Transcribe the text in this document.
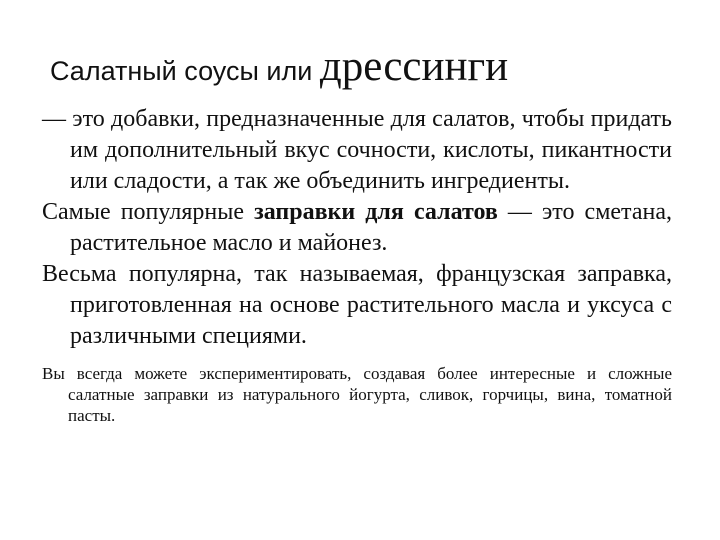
Салатный соусы или дрессинги

— это добавки, предназначенные для салатов, чтобы придать им дополнительный вкус сочности, кислоты, пикантности или сладости, а так же объединить ингредиенты.

Самые популярные заправки для салатов — это сметана, растительное масло и майонез.

Весьма популярна, так называемая, французская заправка, приготовленная на основе растительного масла и уксуса с различными специями.

Вы всегда можете экспериментировать, создавая более интересные и сложные салатные заправки из натурального йогурта, сливок, горчицы, вина, томатной пасты.
